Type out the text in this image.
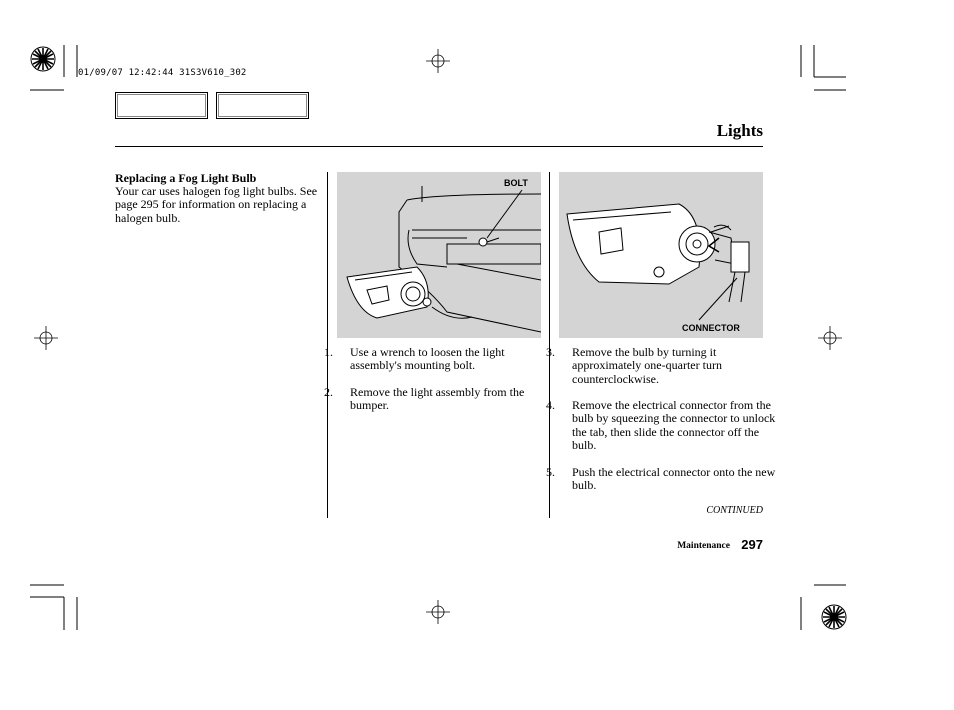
01/09/07 12:42:44 31S3V610_302
Lights
Replacing a Fog Light Bulb
Your car uses halogen fog light bulbs. See page 295 for information on replacing a halogen bulb.
BOLT
CONNECTOR
1. Use a wrench to loosen the light assembly's mounting bolt.
2. Remove the light assembly from the bumper.
3. Remove the bulb by turning it approximately one-quarter turn counterclockwise.
4. Remove the electrical connector from the bulb by squeezing the connector to unlock the tab, then slide the connector off the bulb.
5. Push the electrical connector onto the new bulb.
CONTINUED
Maintenance 297
